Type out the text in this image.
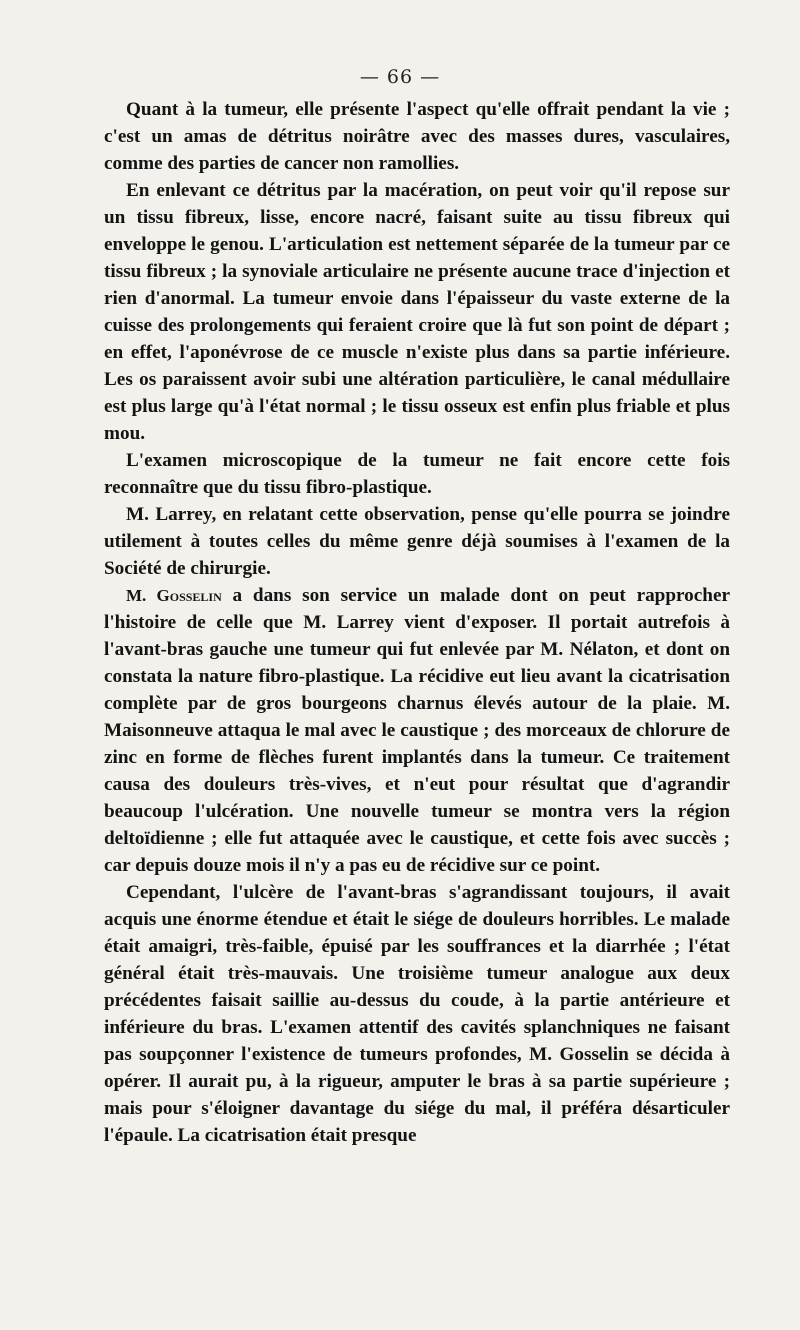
— 66 —

Quant à la tumeur, elle présente l'aspect qu'elle offrait pendant la vie ; c'est un amas de détritus noirâtre avec des masses dures, vasculaires, comme des parties de cancer non ramollies.

En enlevant ce détritus par la macération, on peut voir qu'il repose sur un tissu fibreux, lisse, encore nacré, faisant suite au tissu fibreux qui enveloppe le genou. L'articulation est nettement séparée de la tumeur par ce tissu fibreux ; la synoviale articulaire ne présente aucune trace d'injection et rien d'anormal. La tumeur envoie dans l'épaisseur du vaste externe de la cuisse des prolongements qui feraient croire que là fut son point de départ ; en effet, l'aponévrose de ce muscle n'existe plus dans sa partie inférieure. Les os paraissent avoir subi une altération particulière, le canal médullaire est plus large qu'à l'état normal ; le tissu osseux est enfin plus friable et plus mou.

L'examen microscopique de la tumeur ne fait encore cette fois reconnaître que du tissu fibro-plastique.

M. Larrey, en relatant cette observation, pense qu'elle pourra se joindre utilement à toutes celles du même genre déjà soumises à l'examen de la Société de chirurgie.

M. Gosselin a dans son service un malade dont on peut rapprocher l'histoire de celle que M. Larrey vient d'exposer. Il portait autrefois à l'avant-bras gauche une tumeur qui fut enlevée par M. Nélaton, et dont on constata la nature fibro-plastique. La récidive eut lieu avant la cicatrisation complète par de gros bourgeons charnus élevés autour de la plaie. M. Maisonneuve attaqua le mal avec le caustique ; des morceaux de chlorure de zinc en forme de flèches furent implantés dans la tumeur. Ce traitement causa des douleurs très-vives, et n'eut pour résultat que d'agrandir beaucoup l'ulcération. Une nouvelle tumeur se montra vers la région deltoïdienne ; elle fut attaquée avec le caustique, et cette fois avec succès ; car depuis douze mois il n'y a pas eu de récidive sur ce point.

Cependant, l'ulcère de l'avant-bras s'agrandissant toujours, il avait acquis une énorme étendue et était le siége de douleurs horribles. Le malade était amaigri, très-faible, épuisé par les souffrances et la diarrhée ; l'état général était très-mauvais. Une troisième tumeur analogue aux deux précédentes faisait saillie au-dessus du coude, à la partie antérieure et inférieure du bras. L'examen attentif des cavités splanchniques ne faisant pas soupçonner l'existence de tumeurs profondes, M. Gosselin se décida à opérer. Il aurait pu, à la rigueur, amputer le bras à sa partie supérieure ; mais pour s'éloigner davantage du siége du mal, il préféra désarticuler l'épaule. La cicatrisation était presque
